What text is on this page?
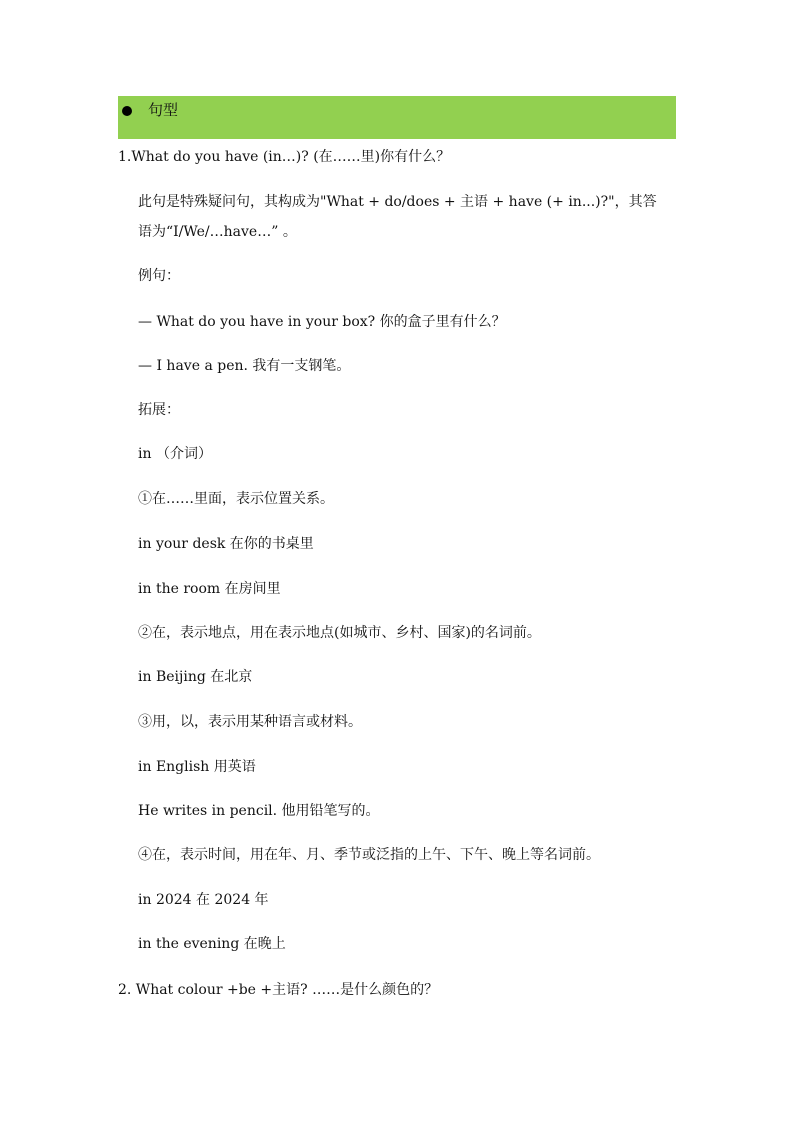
句型
1.What do you have (in…)? (在……里)你有什么？
此句是特殊疑问句，其构成为"What + do/does + 主语 + have (+ in...)?"，其答
语为“I/We/…have…” 。
例句：
— What do you have in your box? 你的盒子里有什么？
— I have a pen. 我有一支钢笔。
拓展：
in （介词）
①在……里面，表示位置关系。
in your desk 在你的书桌里
in the room 在房间里
②在，表示地点，用在表示地点(如城市、乡村、国家)的名词前。
in Beijing 在北京
③用，以，表示用某种语言或材料。
in English 用英语
He writes in pencil. 他用铅笔写的。
④在，表示时间，用在年、月、季节或泛指的上午、下午、晚上等名词前。
in 2024 在 2024 年
in the evening 在晚上
2. What colour +be +主语? ……是什么颜色的？
